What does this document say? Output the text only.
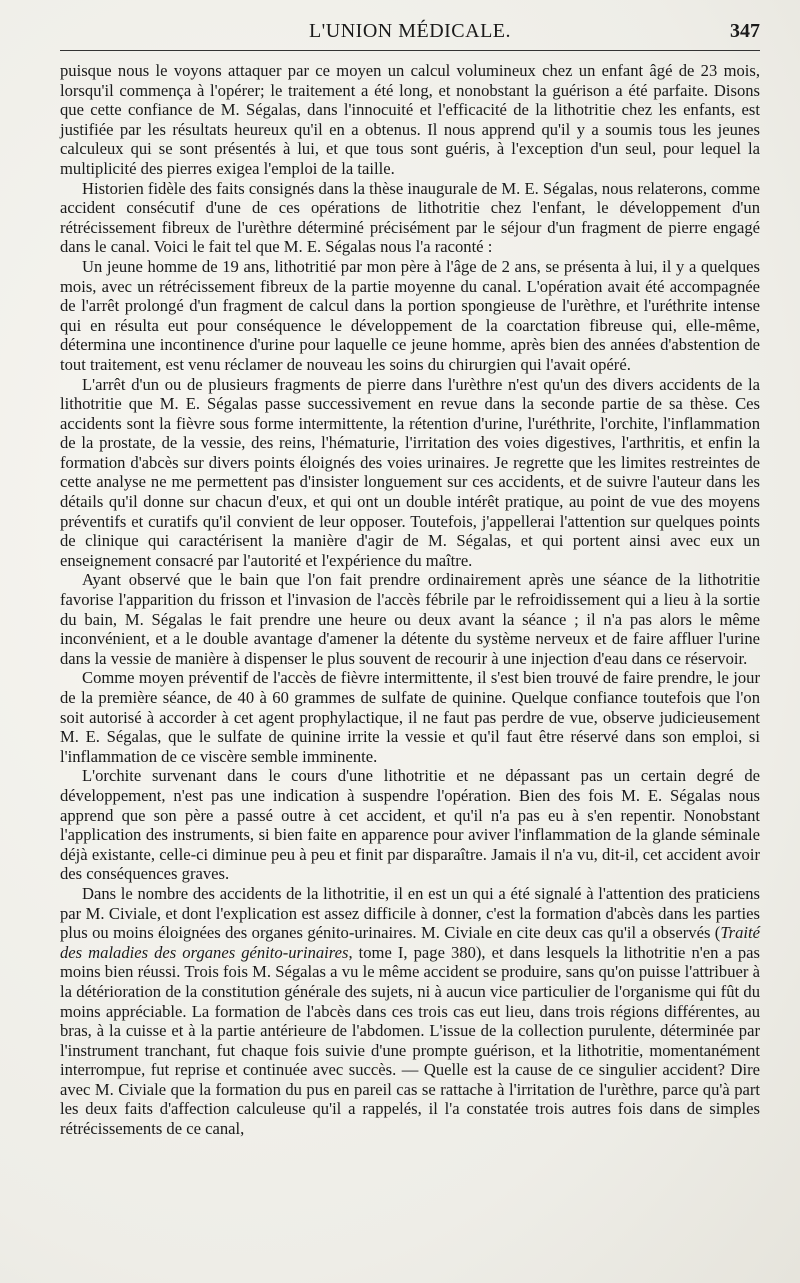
L'UNION MÉDICALE.	347

puisque nous le voyons attaquer par ce moyen un calcul volumineux chez un enfant âgé de 23 mois, lorsqu'il commença à l'opérer; le traitement a été long, et nonobstant la guérison a été parfaite. Disons que cette confiance de M. Ségalas, dans l'innocuité et l'efficacité de la lithotritie chez les enfants, est justifiée par les résultats heureux qu'il en a obtenus. Il nous apprend qu'il y a soumis tous les jeunes calculeux qui se sont présentés à lui, et que tous sont guéris, à l'exception d'un seul, pour lequel la multiplicité des pierres exigea l'emploi de la taille.

Historien fidèle des faits consignés dans la thèse inaugurale de M. E. Ségalas, nous relaterons, comme accident consécutif d'une de ces opérations de lithotritie chez l'enfant, le développement d'un rétrécissement fibreux de l'urèthre déterminé précisément par le séjour d'un fragment de pierre engagé dans le canal. Voici le fait tel que M. E. Ségalas nous l'a raconté :

Un jeune homme de 19 ans, lithotritié par mon père à l'âge de 2 ans, se présenta à lui, il y a quelques mois, avec un rétrécissement fibreux de la partie moyenne du canal. L'opération avait été accompagnée de l'arrêt prolongé d'un fragment de calcul dans la portion spongieuse de l'urèthre, et l'uréthrite intense qui en résulta eut pour conséquence le développement de la coarctation fibreuse qui, elle-même, détermina une incontinence d'urine pour laquelle ce jeune homme, après bien des années d'abstention de tout traitement, est venu réclamer de nouveau les soins du chirurgien qui l'avait opéré.

L'arrêt d'un ou de plusieurs fragments de pierre dans l'urèthre n'est qu'un des divers accidents de la lithotritie que M. E. Ségalas passe successivement en revue dans la seconde partie de sa thèse. Ces accidents sont la fièvre sous forme intermittente, la rétention d'urine, l'uréthrite, l'orchite, l'inflammation de la prostate, de la vessie, des reins, l'hématurie, l'irritation des voies digestives, l'arthritis, et enfin la formation d'abcès sur divers points éloignés des voies urinaires. Je regrette que les limites restreintes de cette analyse ne me permettent pas d'insister longuement sur ces accidents, et de suivre l'auteur dans les détails qu'il donne sur chacun d'eux, et qui ont un double intérêt pratique, au point de vue des moyens préventifs et curatifs qu'il convient de leur opposer. Toutefois, j'appellerai l'attention sur quelques points de clinique qui caractérisent la manière d'agir de M. Ségalas, et qui portent ainsi avec eux un enseignement consacré par l'autorité et l'expérience du maître.

Ayant observé que le bain que l'on fait prendre ordinairement après une séance de la lithotritie favorise l'apparition du frisson et l'invasion de l'accès fébrile par le refroidissement qui a lieu à la sortie du bain, M. Ségalas le fait prendre une heure ou deux avant la séance ; il n'a pas alors le même inconvénient, et a le double avantage d'amener la détente du système nerveux et de faire affluer l'urine dans la vessie de manière à dispenser le plus souvent de recourir à une injection d'eau dans ce réservoir.

Comme moyen préventif de l'accès de fièvre intermittente, il s'est bien trouvé de faire prendre, le jour de la première séance, de 40 à 60 grammes de sulfate de quinine. Quelque confiance toutefois que l'on soit autorisé à accorder à cet agent prophylactique, il ne faut pas perdre de vue, observe judicieusement M. E. Ségalas, que le sulfate de quinine irrite la vessie et qu'il faut être réservé dans son emploi, si l'inflammation de ce viscère semble imminente.

L'orchite survenant dans le cours d'une lithotritie et ne dépassant pas un certain degré de développement, n'est pas une indication à suspendre l'opération. Bien des fois M. E. Ségalas nous apprend que son père a passé outre à cet accident, et qu'il n'a pas eu à s'en repentir. Nonobstant l'application des instruments, si bien faite en apparence pour aviver l'inflammation de la glande séminale déjà existante, celle-ci diminue peu à peu et finit par disparaître. Jamais il n'a vu, dit-il, cet accident avoir des conséquences graves.

Dans le nombre des accidents de la lithotritie, il en est un qui a été signalé à l'attention des praticiens par M. Civiale, et dont l'explication est assez difficile à donner, c'est la formation d'abcès dans les parties plus ou moins éloignées des organes génito-urinaires. M. Civiale en cite deux cas qu'il a observés (Traité des maladies des organes génito-urinaires, tome I, page 380), et dans lesquels la lithotritie n'en a pas moins bien réussi. Trois fois M. Ségalas a vu le même accident se produire, sans qu'on puisse l'attribuer à la détérioration de la constitution générale des sujets, ni à aucun vice particulier de l'organisme qui fût du moins appréciable. La formation de l'abcès dans ces trois cas eut lieu, dans trois régions différentes, au bras, à la cuisse et à la partie antérieure de l'abdomen. L'issue de la collection purulente, déterminée par l'instrument tranchant, fut chaque fois suivie d'une prompte guérison, et la lithotritie, momentanément interrompue, fut reprise et continuée avec succès. — Quelle est la cause de ce singulier accident? Dire avec M. Civiale que la formation du pus en pareil cas se rattache à l'irritation de l'urèthre, parce qu'à part les deux faits d'affection calculeuse qu'il a rappelés, il l'a constatée trois autres fois dans de simples rétrécissements de ce canal,
